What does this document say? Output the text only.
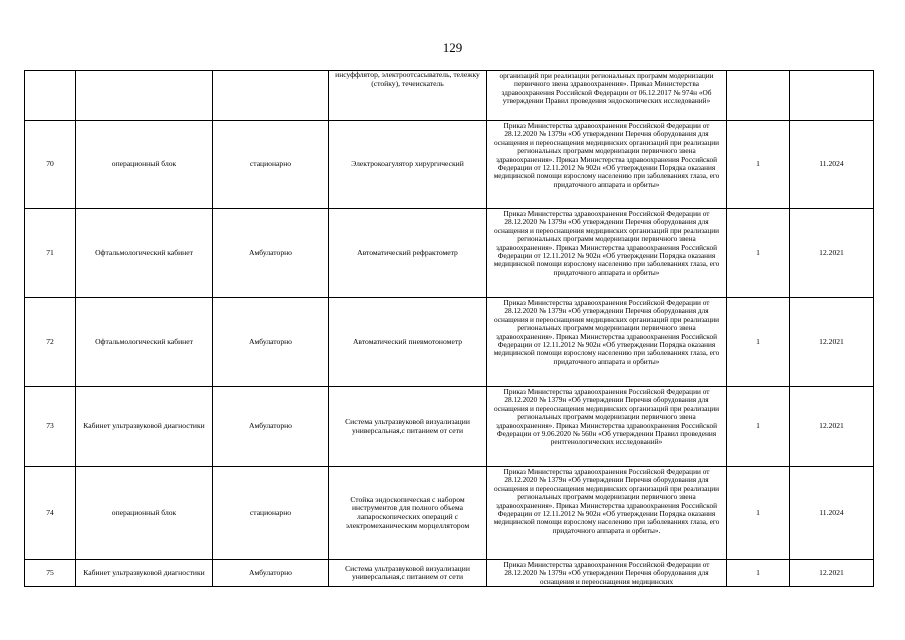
129
			инсуффлятор, электроотсасыватель, тележку (стойку), течеискатель	организаций при реализации региональных программ модернизации первичного звена здравоохранения». Приказ Министерства здравоохранения Российской Федерации от 06.12.2017 № 974н «Об утверждении Правил проведения эндоскопических исследований»		
70	операционный блок	стационарно	Электрокоагулятор хирургический	Приказ Министерства здравоохранения Российской Федерации от 28.12.2020 № 1379н «Об утверждении Перечня оборудования для оснащения и переоснащения медицинских организаций при реализации региональных программ модернизации первичного звена здравоохранения». Приказ Министерства здравоохранения Российской Федерации от 12.11.2012 № 902н «Об утверждении Порядка оказания медицинской помощи взрослому населению при заболеваниях глаза, его придаточного аппарата и орбиты»	1	11.2024
71	Офтальмологический кабинет	Амбулаторно	Автоматический рефрактометр	Приказ Министерства здравоохранения Российской Федерации от 28.12.2020 № 1379н «Об утверждении Перечня оборудования для оснащения и переоснащения медицинских организаций при реализации региональных программ модернизации первичного звена здравоохранения». Приказ Министерства здравоохранения Российской Федерации от 12.11.2012 № 902н «Об утверждении Порядка оказания медицинской помощи взрослому населению при заболеваниях глаза, его придаточного аппарата и орбиты»	1	12.2021
72	Офтальмологический кабинет	Амбулаторно	Автоматический пневмотонометр	Приказ Министерства здравоохранения Российской Федерации от 28.12.2020 № 1379н «Об утверждении Перечня оборудования для оснащения и переоснащения медицинских организаций при реализации региональных программ модернизации первичного звена здравоохранения». Приказ Министерства здравоохранения Российской Федерации от 12.11.2012 № 902н «Об утверждении Порядка оказания медицинской помощи взрослому населению при заболеваниях глаза, его придаточного аппарата и орбиты»	1	12.2021
73	Кабинет ультразвуковой диагностики	Амбулаторно	Система ультразвуковой визуализации универсальная,с питанием от сети	Приказ Министерства здравоохранения Российской Федерации от 28.12.2020 № 1379н «Об утверждении Перечня оборудования для оснащения и переоснащения медицинских организаций при реализации региональных программ модернизации первичного звена здравоохранения». Приказ Министерства здравоохранения Российской Федерации от 9.06.2020 № 560н «Об утверждении Правил проведения рентгенологических исследований»	1	12.2021
74	операционный блок	стационарно	Стойка эндоскопическая с набором инструментов для полного объема лапароскопических операций с электромеханическим морцеллятором	Приказ Министерства здравоохранения Российской Федерации от 28.12.2020 № 1379н «Об утверждении Перечня оборудования для оснащения и переоснащения медицинских организаций при реализации региональных программ модернизации первичного звена здравоохранения». Приказ Министерства здравоохранения Российской Федерации от 12.11.2012 № 902н «Об утверждении Порядка оказания медицинской помощи взрослому населению при заболеваниях глаза, его придаточного аппарата и орбиты».	1	11.2024
75	Кабинет ультразвуковой диагностики	Амбулаторно	Система ультразвуковой визуализации универсальная,с питанием от сети	Приказ Министерства здравоохранения Российской Федерации от 28.12.2020 № 1379н «Об утверждении Перечня оборудования для оснащения и переоснащения медицинских	1	12.2021
